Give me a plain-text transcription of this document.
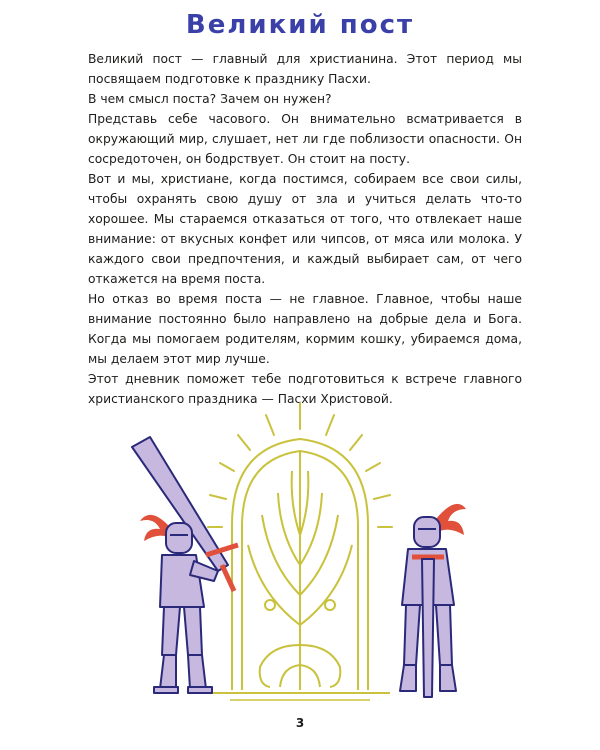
Великий пост

Великий пост — главный для христианина. Этот период мы посвящаем подготовке к празднику Пасхи.

В чем смысл поста? Зачем он нужен?

Представь себе часового. Он внимательно всматривается в окружающий мир, слушает, нет ли где поблизости опасности. Он сосредоточен, он бодрствует. Он стоит на посту.

Вот и мы, христиане, когда постимся, собираем все свои силы, чтобы охранять свою душу от зла и учиться делать что-то хорошее. Мы стараемся отказаться от того, что отвлекает наше внимание: от вкусных конфет или чипсов, от мяса или молока. У каждого свои предпочтения, и каждый выбирает сам, от чего откажется на время поста.

Но отказ во время поста — не главное. Главное, чтобы наше внимание постоянно было направлено на добрые дела и Бога. Когда мы помогаем родителям, кормим кошку, убираемся дома, мы делаем этот мир лучше.

Этот дневник поможет тебе подготовиться к встрече главного христианского праздника — Пасхи Христовой.

3
